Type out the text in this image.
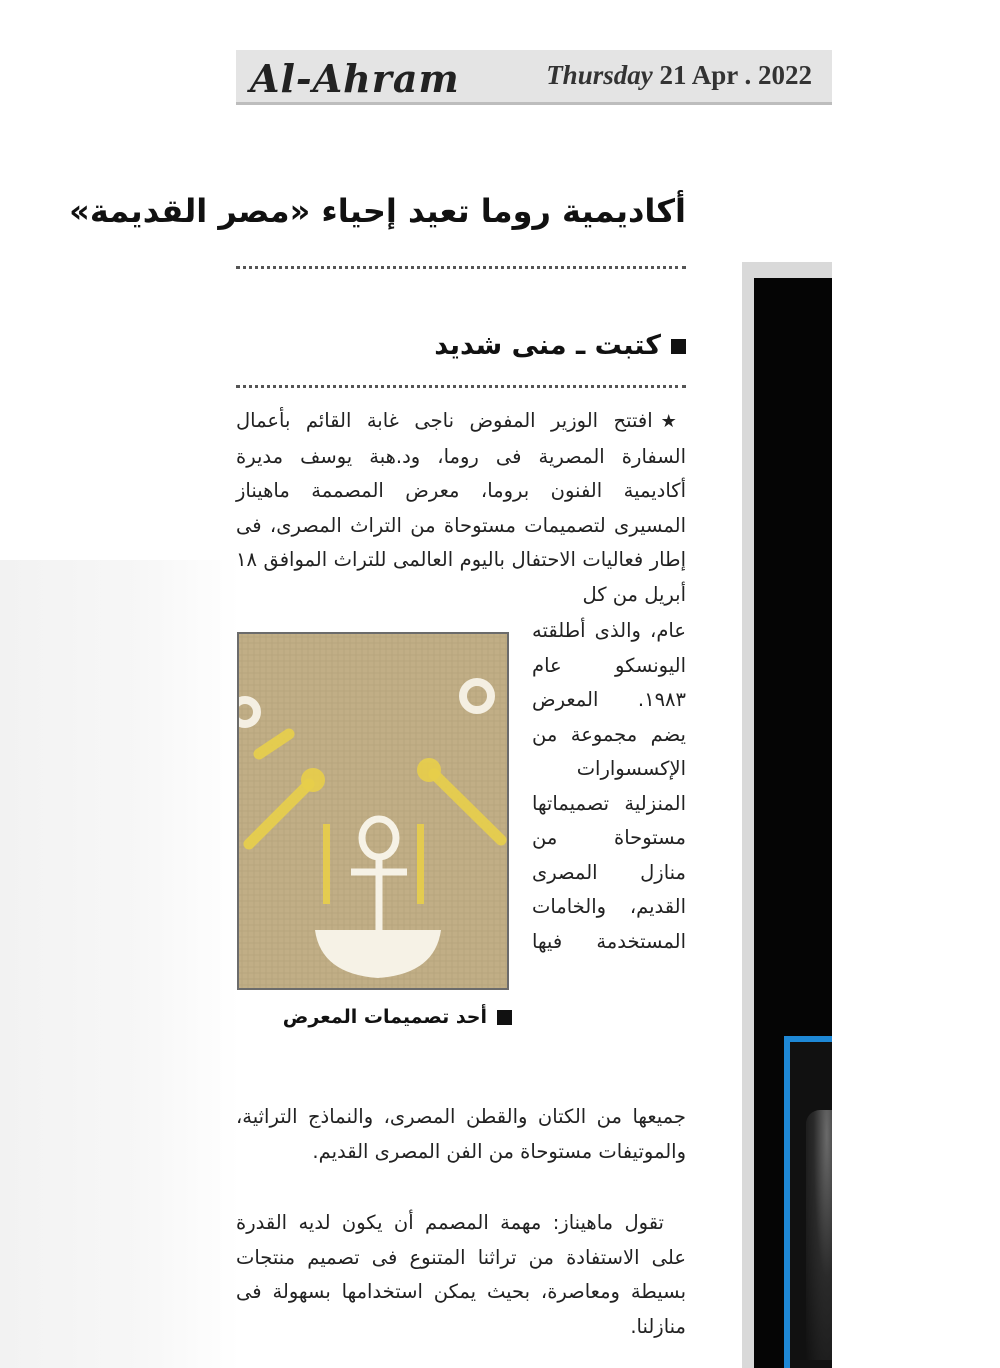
Al-Ahram	Thursday 21 Apr . 2022
أكاديمية روما تعيد إحياء «مصر القديمة»
كتبت ـ منى شديد
★افتتح الوزير المفوض ناجى غابة القائم بأعمال السفارة المصرية فى روما، ود.هبة يوسف مديرة أكاديمية الفنون بروما، معرض المصممة ماهيناز المسيرى لتصميمات مستوحاة من التراث المصرى، فى إطار فعاليات الاحتفال باليوم العالمى للتراث الموافق ١٨ أبريل من كل
عام، والذى أطلقته اليونسكو عام ١٩٨٣. المعرض يضم مجموعة من الإكسسوارات المنزلية تصميماتها مستوحاة من منازل المصرى القديم، والخامات المستخدمة فيها
أحد تصميمات المعرض
جميعها من الكتان والقطن المصرى، والنماذج التراثية، والموتيفات مستوحاة من الفن المصرى القديم.
تقول ماهيناز: مهمة المصمم أن يكون لديه القدرة على الاستفادة من تراثنا المتنوع فى تصميم منتجات بسيطة ومعاصرة، بحيث يمكن استخدامها بسهولة فى منازلنا.
